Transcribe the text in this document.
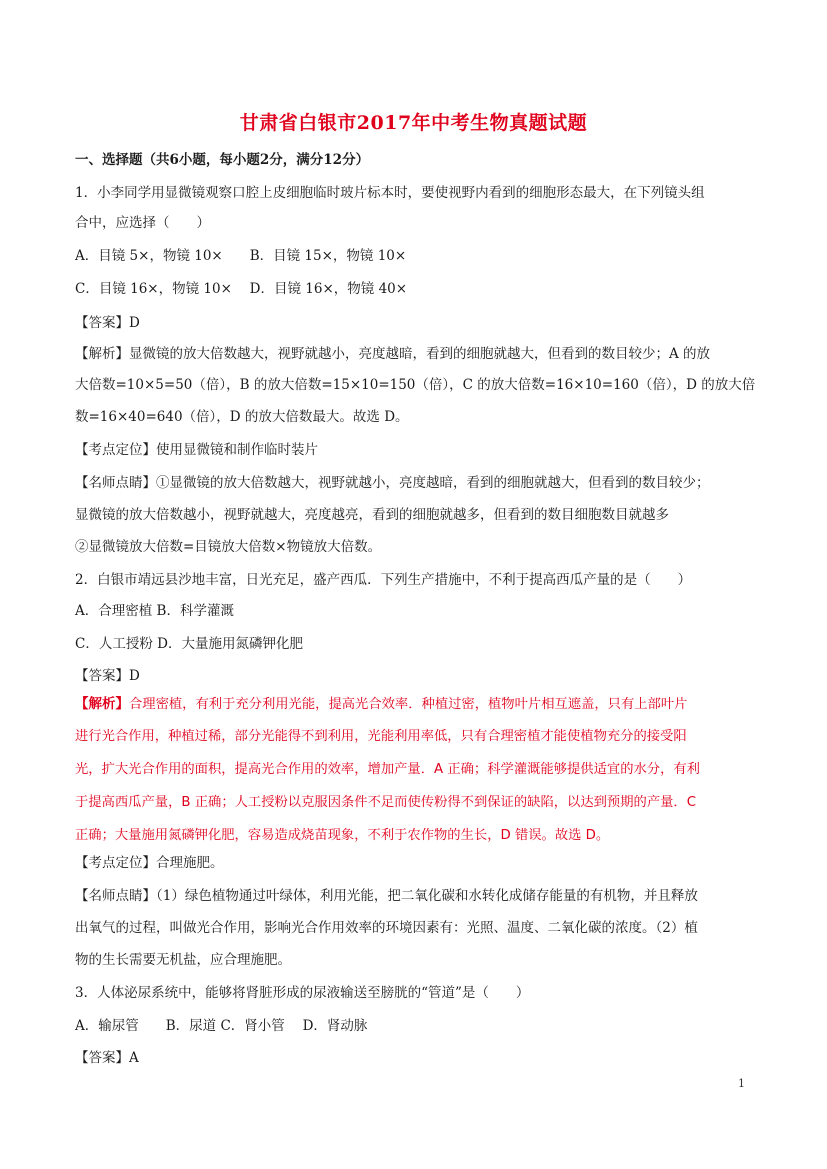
甘肃省白银市2017年中考生物真题试题
一、选择题（共6小题，每小题2分，满分12分）
1．小李同学用显微镜观察口腔上皮细胞临时玻片标本时，要使视野内看到的细胞形态最大，在下列镜头组
合中，应选择（　　）
A．目镜 5×，物镜 10×　　B．目镜 15×，物镜 10×
C．目镜 16×，物镜 10×　 D．目镜 16×，物镜 40×
【答案】D
【解析】显微镜的放大倍数越大，视野就越小，亮度越暗，看到的细胞就越大，但看到的数目较少；A 的放
大倍数=10×5=50（倍），B 的放大倍数=15×10=150（倍），C 的放大倍数=16×10=160（倍），D 的放大倍
数=16×40=640（倍），D 的放大倍数最大。故选 D。
【考点定位】使用显微镜和制作临时装片
【名师点睛】①显微镜的放大倍数越大，视野就越小，亮度越暗，看到的细胞就越大，但看到的数目较少；
显微镜的放大倍数越小，视野就越大，亮度越亮，看到的细胞就越多，但看到的数目细胞数目就越多
②显微镜放大倍数=目镜放大倍数×物镜放大倍数。
2．白银市靖远县沙地丰富，日光充足，盛产西瓜．下列生产措施中，不利于提高西瓜产量的是（　　）
A．合理密植 B．科学灌溉
C．人工授粉 D．大量施用氮磷钾化肥
【答案】D
【解析】合理密植，有利于充分利用光能，提高光合效率．种植过密，植物叶片相互遮盖，只有上部叶片
进行光合作用，种植过稀，部分光能得不到利用，光能利用率低，只有合理密植才能使植物充分的接受阳
光，扩大光合作用的面积，提高光合作用的效率，增加产量．A 正确；科学灌溉能够提供适宜的水分，有利
于提高西瓜产量，B 正确；人工授粉以克服因条件不足而使传粉得不到保证的缺陷，以达到预期的产量．C
正确；大量施用氮磷钾化肥，容易造成烧苗现象，不利于农作物的生长，D 错误。故选 D。
【考点定位】合理施肥。
【名师点睛】（1）绿色植物通过叶绿体，利用光能，把二氧化碳和水转化成储存能量的有机物，并且释放
出氧气的过程，叫做光合作用，影响光合作用效率的环境因素有：光照、温度、二氧化碳的浓度。（2）植
物的生长需要无机盐，应合理施肥。
3．人体泌尿系统中，能够将肾脏形成的尿液输送至膀胱的“管道”是（　　）
A．输尿管　　B．尿道 C．肾小管　 D．肾动脉
【答案】A
1
